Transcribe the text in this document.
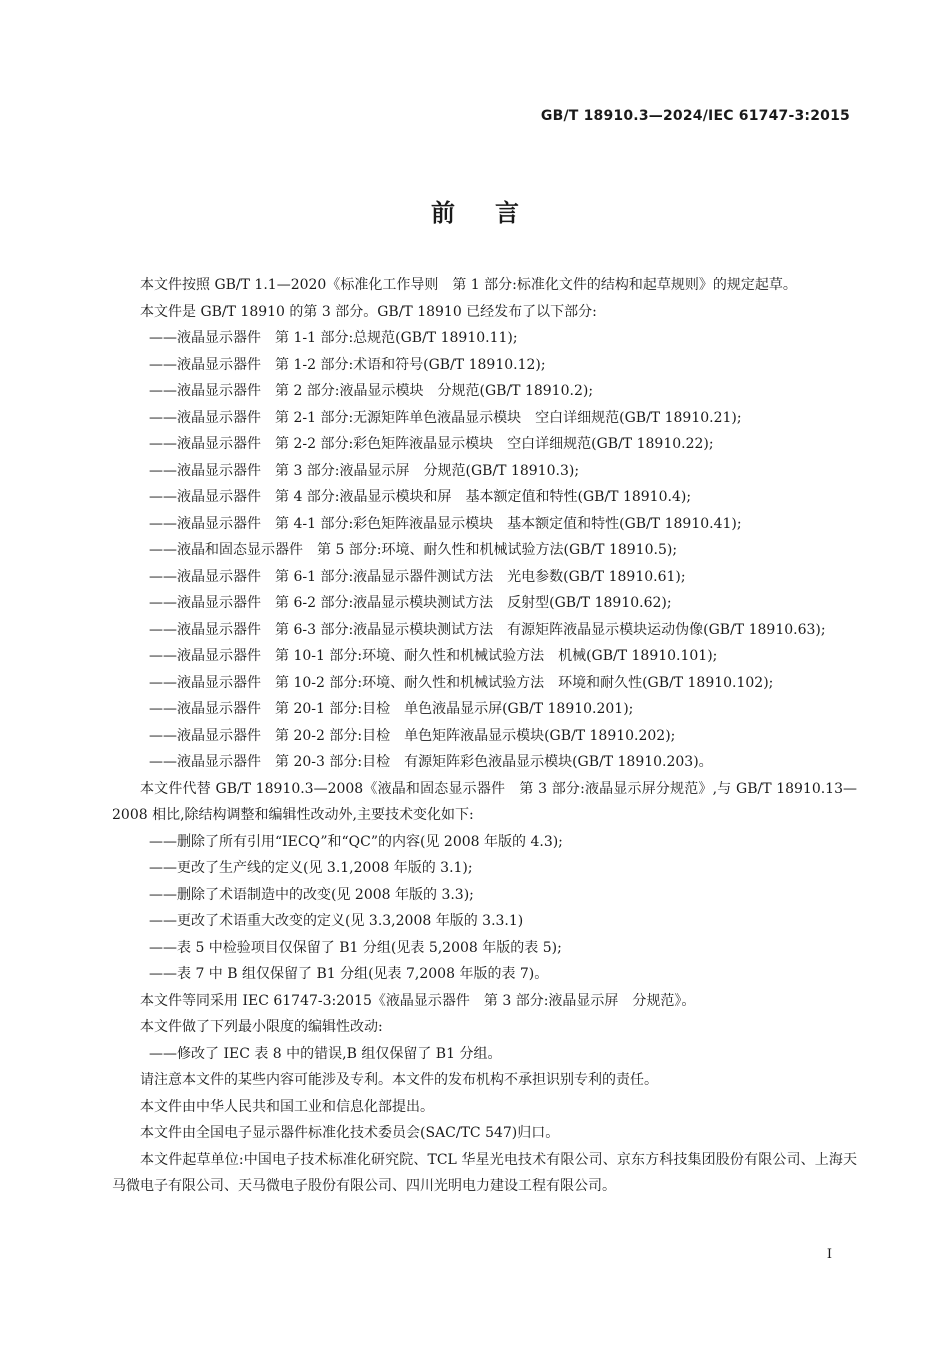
GB/T 18910.3—2024/IEC 61747-3:2015
前言

本文件按照 GB/T 1.1—2020《标准化工作导则　第 1 部分:标准化文件的结构和起草规则》的规定起草。

本文件是 GB/T 18910 的第 3 部分。GB/T 18910 已经发布了以下部分:

——液晶显示器件　第 1-1 部分:总规范(GB/T 18910.11);

——液晶显示器件　第 1-2 部分:术语和符号(GB/T 18910.12);

——液晶显示器件　第 2 部分:液晶显示模块　分规范(GB/T 18910.2);

——液晶显示器件　第 2-1 部分:无源矩阵单色液晶显示模块　空白详细规范(GB/T 18910.21);

——液晶显示器件　第 2-2 部分:彩色矩阵液晶显示模块　空白详细规范(GB/T 18910.22);

——液晶显示器件　第 3 部分:液晶显示屏　分规范(GB/T 18910.3);

——液晶显示器件　第 4 部分:液晶显示模块和屏　基本额定值和特性(GB/T 18910.4);

——液晶显示器件　第 4-1 部分:彩色矩阵液晶显示模块　基本额定值和特性(GB/T 18910.41);

——液晶和固态显示器件　第 5 部分:环境、耐久性和机械试验方法(GB/T 18910.5);

——液晶显示器件　第 6-1 部分:液晶显示器件测试方法　光电参数(GB/T 18910.61);

——液晶显示器件　第 6-2 部分:液晶显示模块测试方法　反射型(GB/T 18910.62);

——液晶显示器件　第 6-3 部分:液晶显示模块测试方法　有源矩阵液晶显示模块运动伪像(GB/T 18910.63);

——液晶显示器件　第 10-1 部分:环境、耐久性和机械试验方法　机械(GB/T 18910.101);

——液晶显示器件　第 10-2 部分:环境、耐久性和机械试验方法　环境和耐久性(GB/T 18910.102);

——液晶显示器件　第 20-1 部分:目检　单色液晶显示屏(GB/T 18910.201);

——液晶显示器件　第 20-2 部分:目检　单色矩阵液晶显示模块(GB/T 18910.202);

——液晶显示器件　第 20-3 部分:目检　有源矩阵彩色液晶显示模块(GB/T 18910.203)。

本文件代替 GB/T 18910.3—2008《液晶和固态显示器件　第 3 部分:液晶显示屏分规范》,与 GB/T 18910.13—2008 相比,除结构调整和编辑性改动外,主要技术变化如下:

——删除了所有引用“IECQ”和“QC”的内容(见 2008 年版的 4.3);

——更改了生产线的定义(见 3.1,2008 年版的 3.1);

——删除了术语制造中的改变(见 2008 年版的 3.3);

——更改了术语重大改变的定义(见 3.3,2008 年版的 3.3.1)

——表 5 中检验项目仅保留了 B1 分组(见表 5,2008 年版的表 5);

——表 7 中 B 组仅保留了 B1 分组(见表 7,2008 年版的表 7)。

本文件等同采用 IEC 61747-3:2015《液晶显示器件　第 3 部分:液晶显示屏　分规范》。

本文件做了下列最小限度的编辑性改动:

——修改了 IEC 表 8 中的错误,B 组仅保留了 B1 分组。

请注意本文件的某些内容可能涉及专利。本文件的发布机构不承担识别专利的责任。

本文件由中华人民共和国工业和信息化部提出。

本文件由全国电子显示器件标准化技术委员会(SAC/TC 547)归口。

本文件起草单位:中国电子技术标准化研究院、TCL 华星光电技术有限公司、京东方科技集团股份有限公司、上海天马微电子有限公司、天马微电子股份有限公司、四川光明电力建设工程有限公司。

I
